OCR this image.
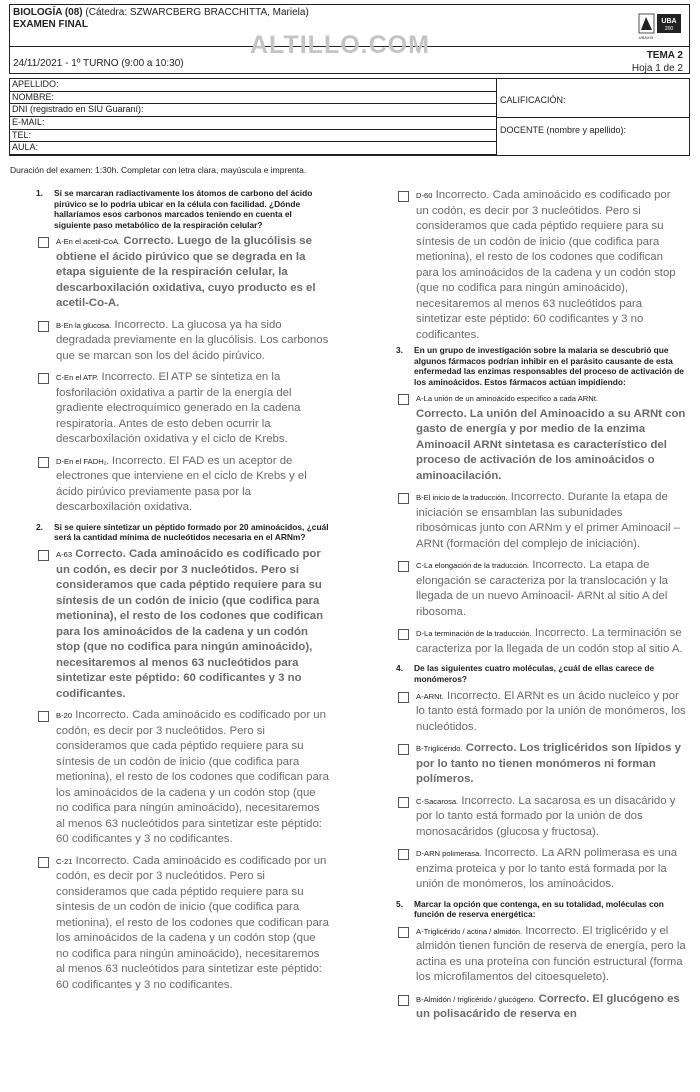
BIOLOGÍA (08) (Cátedra: SZWARCBERG BRACCHITTA, Mariela)
EXAMEN FINAL	UBA
200
UBAXXI
ALTILLO.COM
24/11/2021 - 1º TURNO (9:00 a 10:30)
TEMA 2
Hoja 1 de 2
APELLIDO:
NOMBRE:
DNI (registrado en SIU Guaraní):
E-MAIL:
TEL:
AULA:
CALIFICACIÓN:
DOCENTE (nombre y apellido):
Duración del examen: 1:30h. Completar con letra clara, mayúscula e imprenta.
1. Si se marcaran radiactivamente los átomos de carbono del ácido pirúvico se lo podría ubicar en la célula con facilidad. ¿Dónde hallaríamos esos carbonos marcados teniendo en cuenta el siguiente paso metabólico de la respiración celular?
A-En el acetil-CoA. Correcto. Luego de la glucólisis se obtiene el ácido pirúvico que se degrada en la etapa siguiente de la respiración celular, la descarboxilación oxidativa, cuyo producto es el acetil-Co-A.
B-En la glucosa. Incorrecto. La glucosa ya ha sido degradada previamente en la glucólisis. Los carbonos que se marcan son los del ácido pirúvico.
C-En el ATP. Incorrecto. El ATP se sintetiza en la fosforilación oxidativa a partir de la energía del gradiente electroquímico generado en la cadena respiratoria. Antes de esto deben ocurrir la descarboxilación oxidativa y el ciclo de Krebs.
D-En el FADH₂. Incorrecto. El FAD es un aceptor de electrones que interviene en el ciclo de Krebs y el ácido pirúvico previamente pasa por la descarboxilación oxidativa.
2. Si se quiere sintetizar un péptido formado por 20 aminoácidos, ¿cuál será la cantidad mínima de nucleótidos necesaria en el ARNm?
A-63 Correcto. Cada aminoácido es codificado por un codón, es decir por 3 nucleótidos. Pero si consideramos que cada péptido requiere para su síntesis de un codón de inicio (que codifica para metionina), el resto de los codones que codifican para los aminoácidos de la cadena y un codón stop (que no codifica para ningún aminoácido), necesitaremos al menos 63 nucleótidos para sintetizar este péptido: 60 codificantes y 3 no codificantes.
B-20 Incorrecto. Cada aminoácido es codificado por un codón, es decir por 3 nucleótidos. Pero si consideramos que cada péptido requiere para su síntesis de un codón de inicio (que codifica para metionina), el resto de los codones que codifican para los aminoácidos de la cadena y un codón stop (que no codifica para ningún aminoácido), necesitaremos al menos 63 nucleótidos para sintetizar este péptido: 60 codificantes y 3 no codificantes.
C-21 Incorrecto. Cada aminoácido es codificado por un codón, es decir por 3 nucleótidos. Pero si consideramos que cada péptido requiere para su síntesis de un codón de inicio (que codifica para metionina), el resto de los codones que codifican para los aminoácidos de la cadena y un codón stop (que no codifica para ningún aminoácido), necesitaremos al menos 63 nucleótidos para sintetizar este péptido: 60 codificantes y 3 no codificantes.
D-60 Incorrecto. Cada aminoácido es codificado por un codón, es decir por 3 nucleótidos. Pero si consideramos que cada péptido requiere para su síntesis de un codón de inicio (que codifica para metionina), el resto de los codones que codifican para los aminoácidos de la cadena y un codón stop (que no codifica para ningún aminoácido), necesitaremos al menos 63 nucleótidos para sintetizar este péptido: 60 codificantes y 3 no codificantes.
3. En un grupo de investigación sobre la malaria se descubrió que algunos fármacos podrían inhibir en el parásito causante de esta enfermedad las enzimas responsables del proceso de activación de los aminoácidos. Estos fármacos actúan impidiendo:
A-La unión de un aminoácido específico a cada ARNt.
Correcto. La unión del Aminoacido a su ARNt con gasto de energía y por medio de la enzima Aminoacil ARNt sintetasa es característico del proceso de activación de los aminoácidos o aminoacilación.
B-El inicio de la traducción. Incorrecto. Durante la etapa de iniciación se ensamblan las subunidades ribosómicas junto con ARNm y el primer Aminoacil –ARNt (formación del complejo de iniciación).
C-La elongación de la traducción. Incorrecto. La etapa de elongación se caracteriza por la translocación y la llegada de un nuevo Aminoacil- ARNt al sitio A del ribosoma.
D-La terminación de la traducción. Incorrecto. La terminación se caracteriza por la llegada de un codón stop al sitio A.
4. De las siguientes cuatro moléculas, ¿cuál de ellas carece de monómeros?
A-ARNt. Incorrecto. El ARNt es un ácido nucleico y por lo tanto está formado por la unión de monómeros, los nucleótidos.
B-Triglicérido. Correcto. Los triglicéridos son lípidos y por lo tanto no tienen monómeros ni forman polímeros.
C-Sacarosa. Incorrecto. La sacarosa es un disacárido y por lo tanto está formado por la unión de dos monosacáridos (glucosa y fructosa).
D-ARN polimerasa. Incorrecto. La ARN polimerasa es una enzima proteica y por lo tanto está formada por la unión de monómeros, los aminoácidos.
5. Marcar la opción que contenga, en su totalidad, moléculas con función de reserva energética:
A-Triglicérido / actina / almidón. Incorrecto. El triglicérido y el almidón tienen función de reserva de energía, pero la actina es una proteína con función estructural (forma los microfilamentos del citoesqueleto).
B-Almidón / triglicérido / glucógeno. Correcto. El glucógeno es un polisacárido de reserva en
